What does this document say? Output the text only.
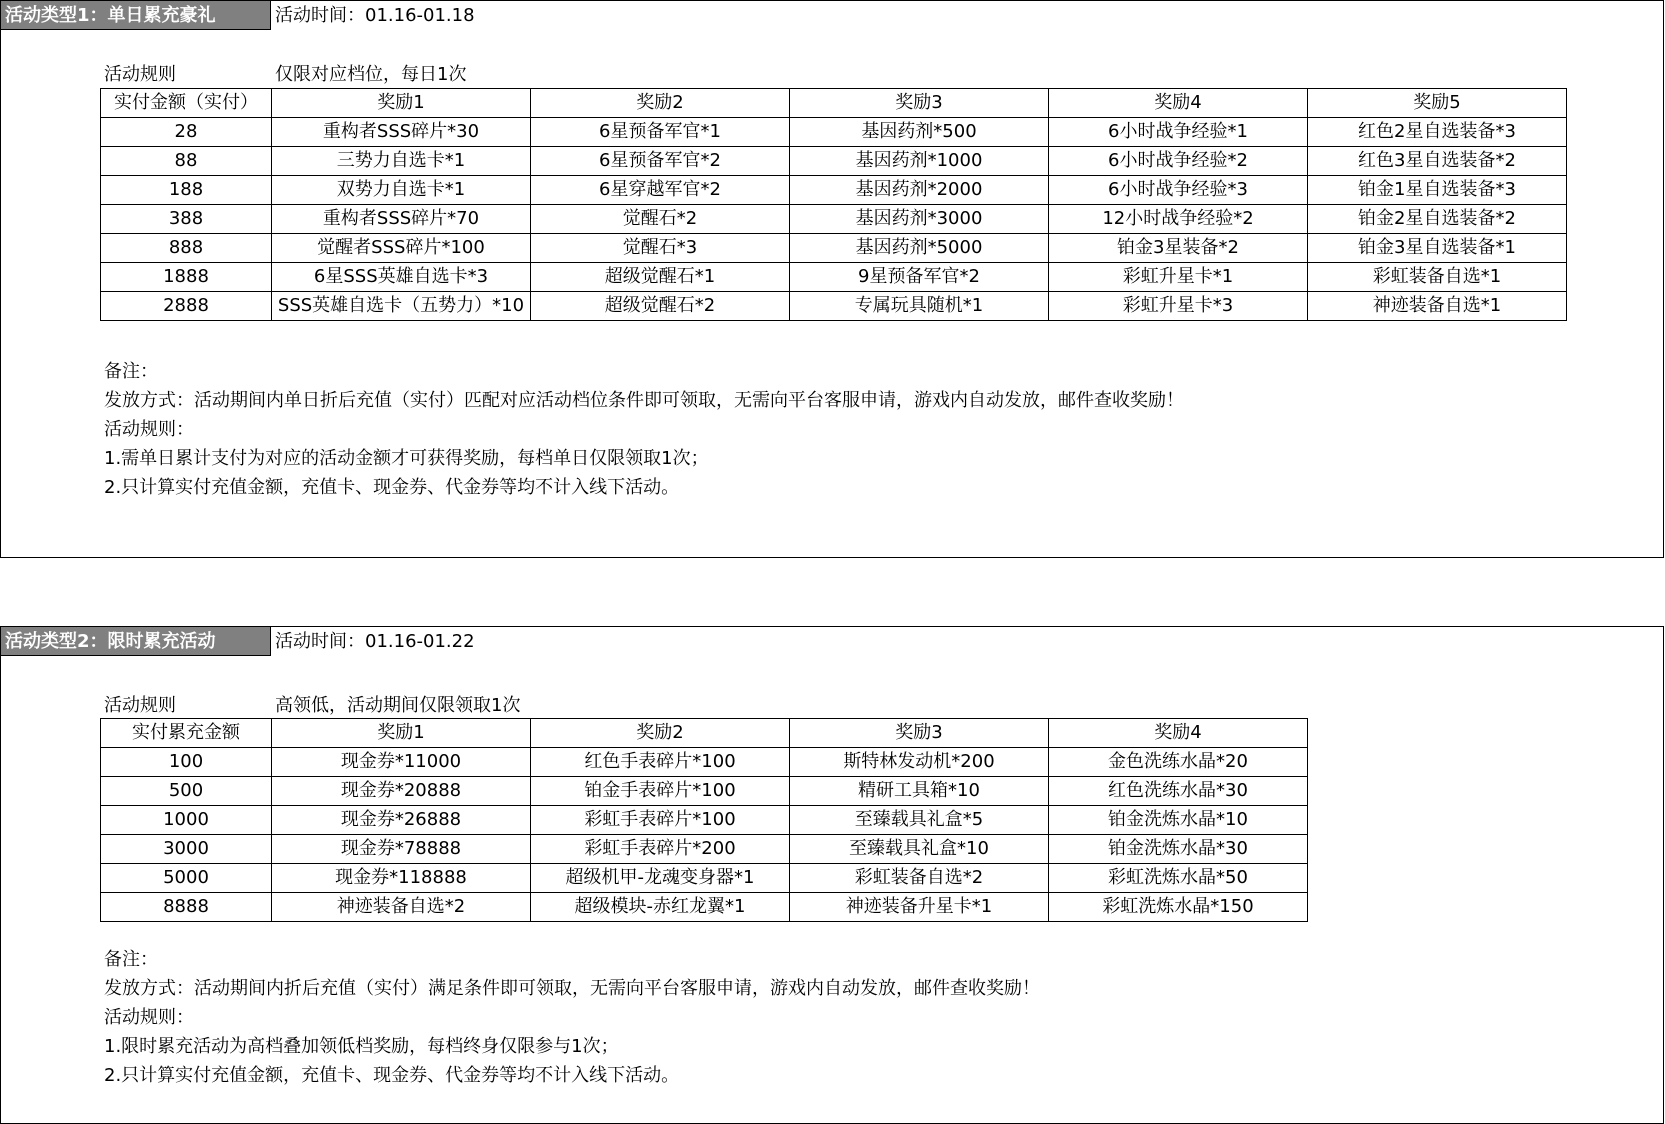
活动类型1：单日累充豪礼	活动时间：01.16-01.18
活动规则	仅限对应档位，每日1次
实付金额（实付）	奖励1	奖励2	奖励3	奖励4	奖励5
28	重构者SSS碎片*30	6星预备军官*1	基因药剂*500	6小时战争经验*1	红色2星自选装备*3
88	三势力自选卡*1	6星预备军官*2	基因药剂*1000	6小时战争经验*2	红色3星自选装备*2
188	双势力自选卡*1	6星穿越军官*2	基因药剂*2000	6小时战争经验*3	铂金1星自选装备*3
388	重构者SSS碎片*70	觉醒石*2	基因药剂*3000	12小时战争经验*2	铂金2星自选装备*2
888	觉醒者SSS碎片*100	觉醒石*3	基因药剂*5000	铂金3星装备*2	铂金3星自选装备*1
1888	6星SSS英雄自选卡*3	超级觉醒石*1	9星预备军官*2	彩虹升星卡*1	彩虹装备自选*1
2888	SSS英雄自选卡（五势力）*10	超级觉醒石*2	专属玩具随机*1	彩虹升星卡*3	神迹装备自选*1
备注：
发放方式：活动期间内单日折后充值（实付）匹配对应活动档位条件即可领取，无需向平台客服申请，游戏内自动发放，邮件查收奖励！
活动规则：
1.需单日累计支付为对应的活动金额才可获得奖励，每档单日仅限领取1次；
2.只计算实付充值金额，充值卡、现金券、代金券等均不计入线下活动。
活动类型2：限时累充活动	活动时间：01.16-01.22
活动规则	高领低，活动期间仅限领取1次
实付累充金额	奖励1	奖励2	奖励3	奖励4
100	现金券*11000	红色手表碎片*100	斯特林发动机*200	金色洗练水晶*20
500	现金券*20888	铂金手表碎片*100	精研工具箱*10	红色洗练水晶*30
1000	现金券*26888	彩虹手表碎片*100	至臻载具礼盒*5	铂金洗炼水晶*10
3000	现金券*78888	彩虹手表碎片*200	至臻载具礼盒*10	铂金洗炼水晶*30
5000	现金券*118888	超级机甲-龙魂变身器*1	彩虹装备自选*2	彩虹洗炼水晶*50
8888	神迹装备自选*2	超级模块-赤红龙翼*1	神迹装备升星卡*1	彩虹洗炼水晶*150
备注：
发放方式：活动期间内折后充值（实付）满足条件即可领取，无需向平台客服申请，游戏内自动发放，邮件查收奖励！
活动规则：
1.限时累充活动为高档叠加领低档奖励，每档终身仅限参与1次；
2.只计算实付充值金额，充值卡、现金券、代金券等均不计入线下活动。
